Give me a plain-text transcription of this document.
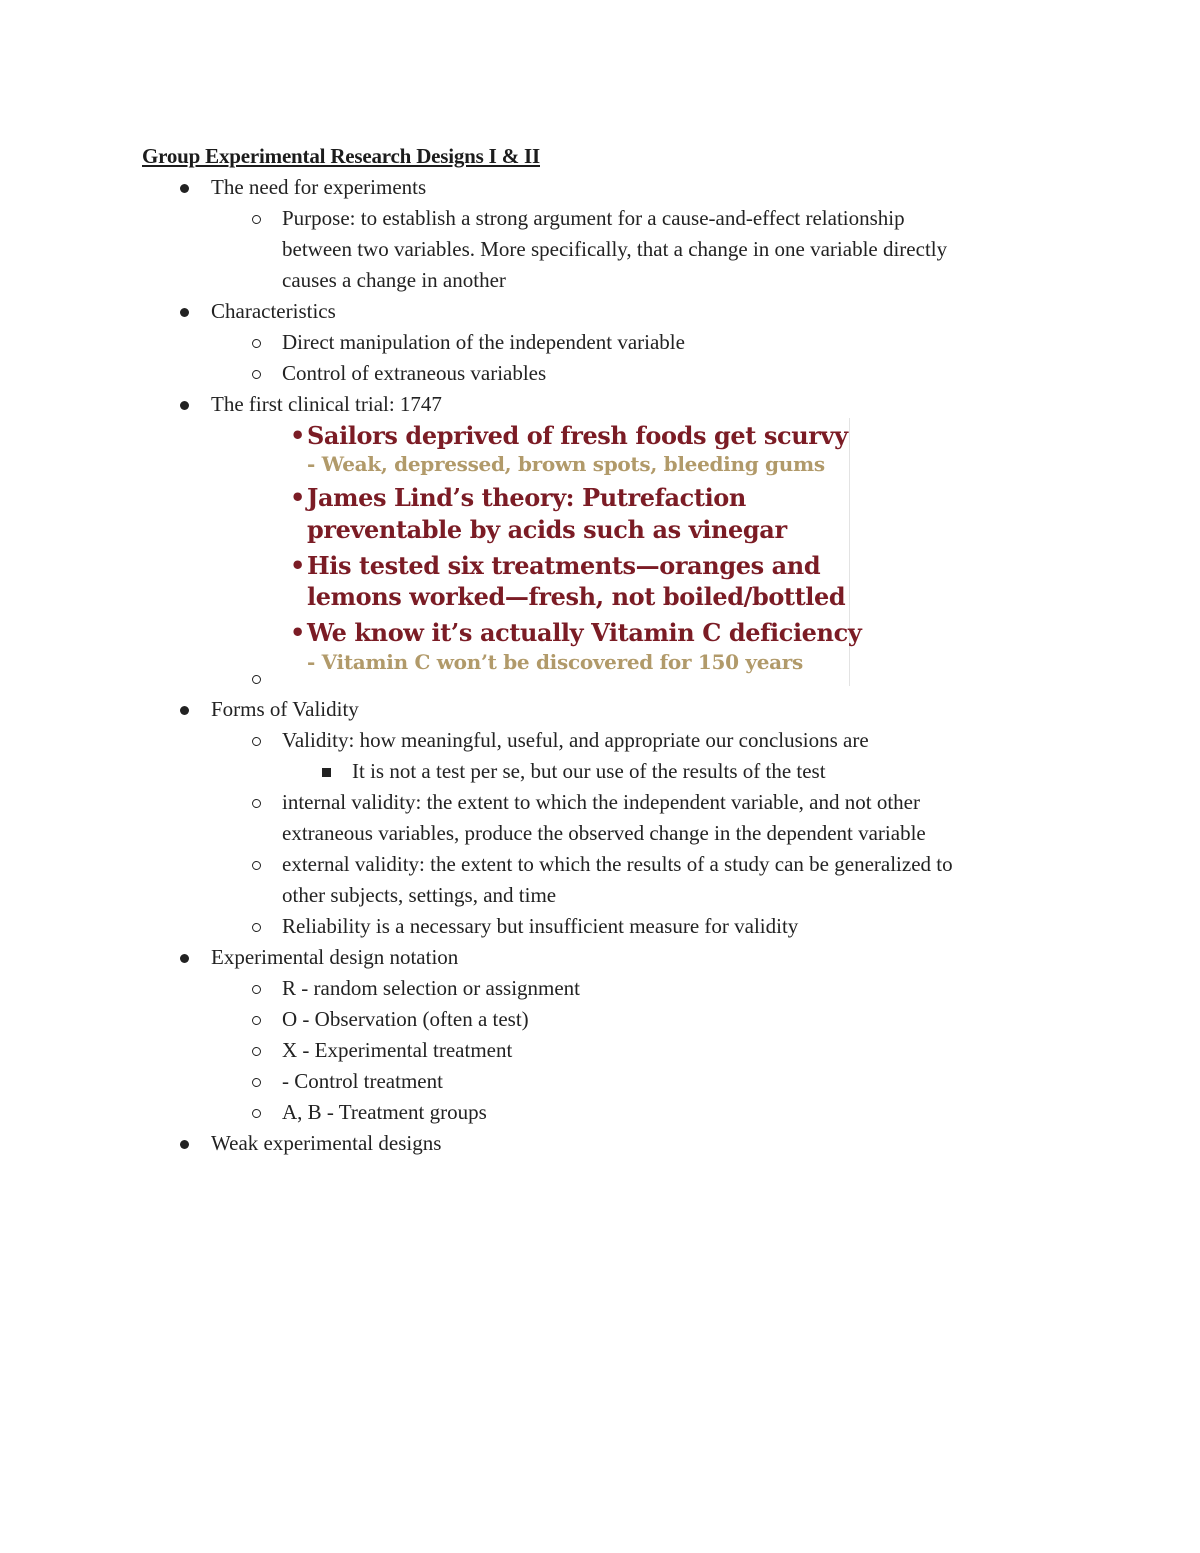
Group Experimental Research Designs I & II
The need for experiments
Purpose: to establish a strong argument for a cause-and-effect relationship
between two variables. More specifically, that a change in one variable directly
causes a change in another
Characteristics
Direct manipulation of the independent variable
Control of extraneous variables
The first clinical trial: 1747
• Sailors deprived of fresh foods get scurvy
- Weak, depressed, brown spots, bleeding gums
• James Lind’s theory: Putrefaction
preventable by acids such as vinegar
• His tested six treatments—oranges and
lemons worked—fresh, not boiled/bottled
• We know it’s actually Vitamin C deficiency
- Vitamin C won’t be discovered for 150 years
Forms of Validity
Validity: how meaningful, useful, and appropriate our conclusions are
It is not a test per se, but our use of the results of the test
internal validity: the extent to which the independent variable, and not other
extraneous variables, produce the observed change in the dependent variable
external validity: the extent to which the results of a study can be generalized to
other subjects, settings, and time
Reliability is a necessary but insufficient measure for validity
Experimental design notation
R - random selection or assignment
O - Observation (often a test)
X - Experimental treatment
- Control treatment
A, B - Treatment groups
Weak experimental designs
